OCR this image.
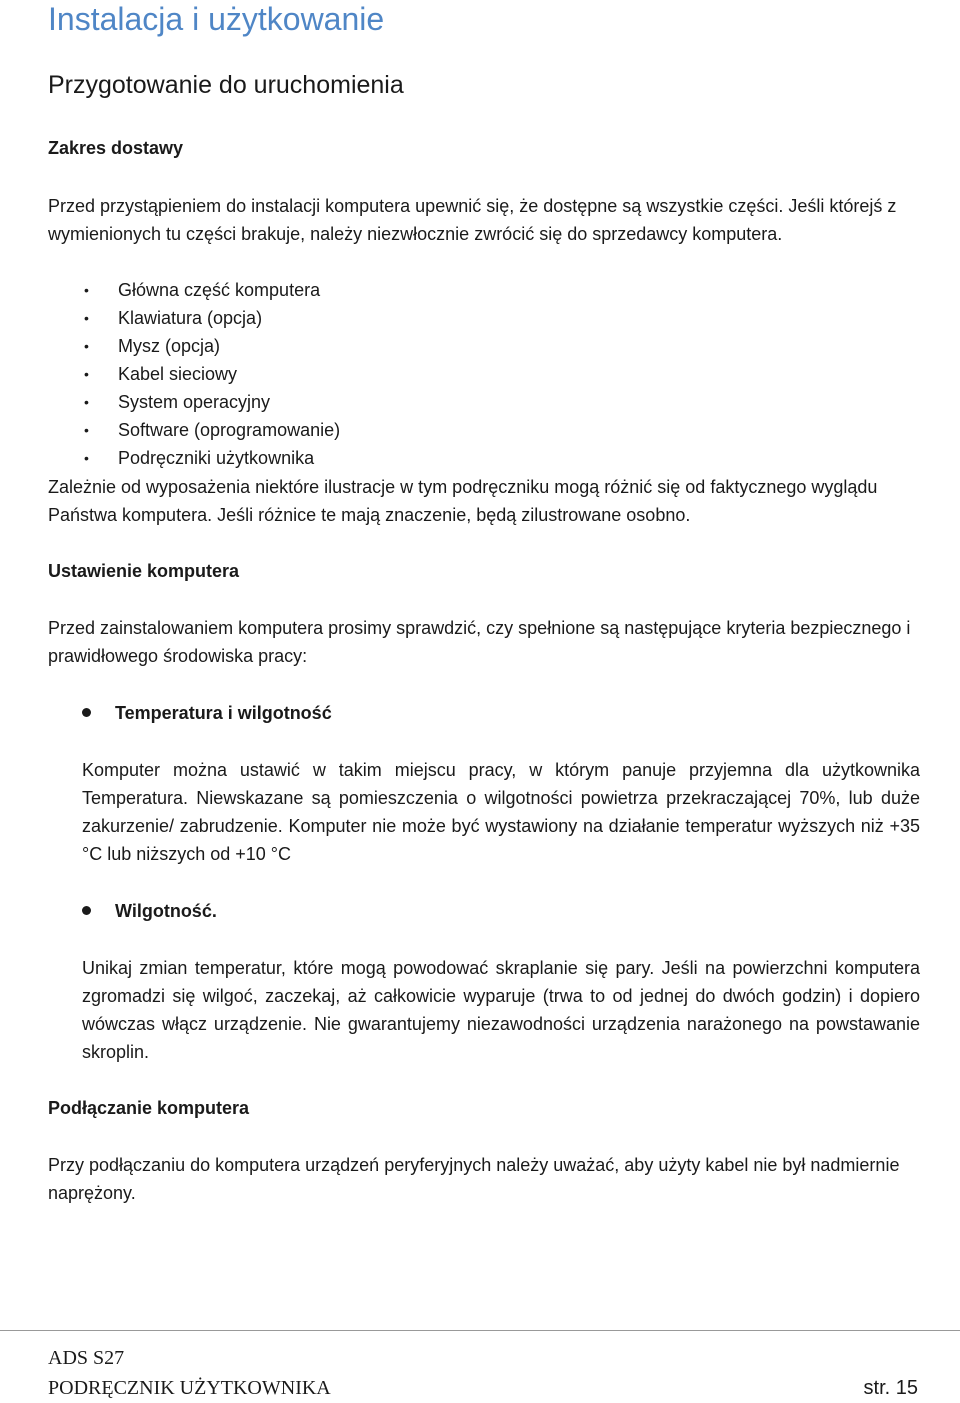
Instalacja i użytkowanie
Przygotowanie do uruchomienia
Zakres dostawy

Przed przystąpieniem do instalacji komputera upewnić się, że dostępne są wszystkie części. Jeśli którejś z wymienionych tu części brakuje, należy niezwłocznie zwrócić się do sprzedawcy komputera.

• Główna część komputera
• Klawiatura (opcja)
• Mysz (opcja)
• Kabel sieciowy
• System operacyjny
• Software (oprogramowanie)
• Podręczniki użytkownika

Zależnie od wyposażenia niektóre ilustracje w tym podręczniku mogą różnić się od faktycznego wyglądu Państwa komputera. Jeśli różnice te mają znaczenie, będą zilustrowane osobno.

Ustawienie komputera

Przed zainstalowaniem komputera prosimy sprawdzić, czy spełnione są następujące kryteria bezpiecznego i prawidłowego środowiska pracy:

Temperatura i wilgotność

Komputer można ustawić w takim miejscu pracy, w którym panuje przyjemna dla użytkownika Temperatura. Niewskazane są pomieszczenia o wilgotności powietrza przekraczającej 70%, lub duże zakurzenie/ zabrudzenie. Komputer nie może być wystawiony na działanie temperatur wyższych niż +35 °C lub niższych od +10 °C

Wilgotność.

Unikaj zmian temperatur, które mogą powodować skraplanie się pary. Jeśli na powierzchni komputera zgromadzi się wilgoć, zaczekaj, aż całkowicie wyparuje (trwa to od jednej do dwóch godzin) i dopiero wówczas włącz urządzenie. Nie gwarantujemy niezawodności urządzenia narażonego na powstawanie skroplin.

Podłączanie komputera

Przy podłączaniu do komputera urządzeń peryferyjnych należy uważać, aby użyty kabel nie był nadmiernie naprężony.

ADS S27
PODRĘCZNIK UŻYTKOWNIKA	str. 15
